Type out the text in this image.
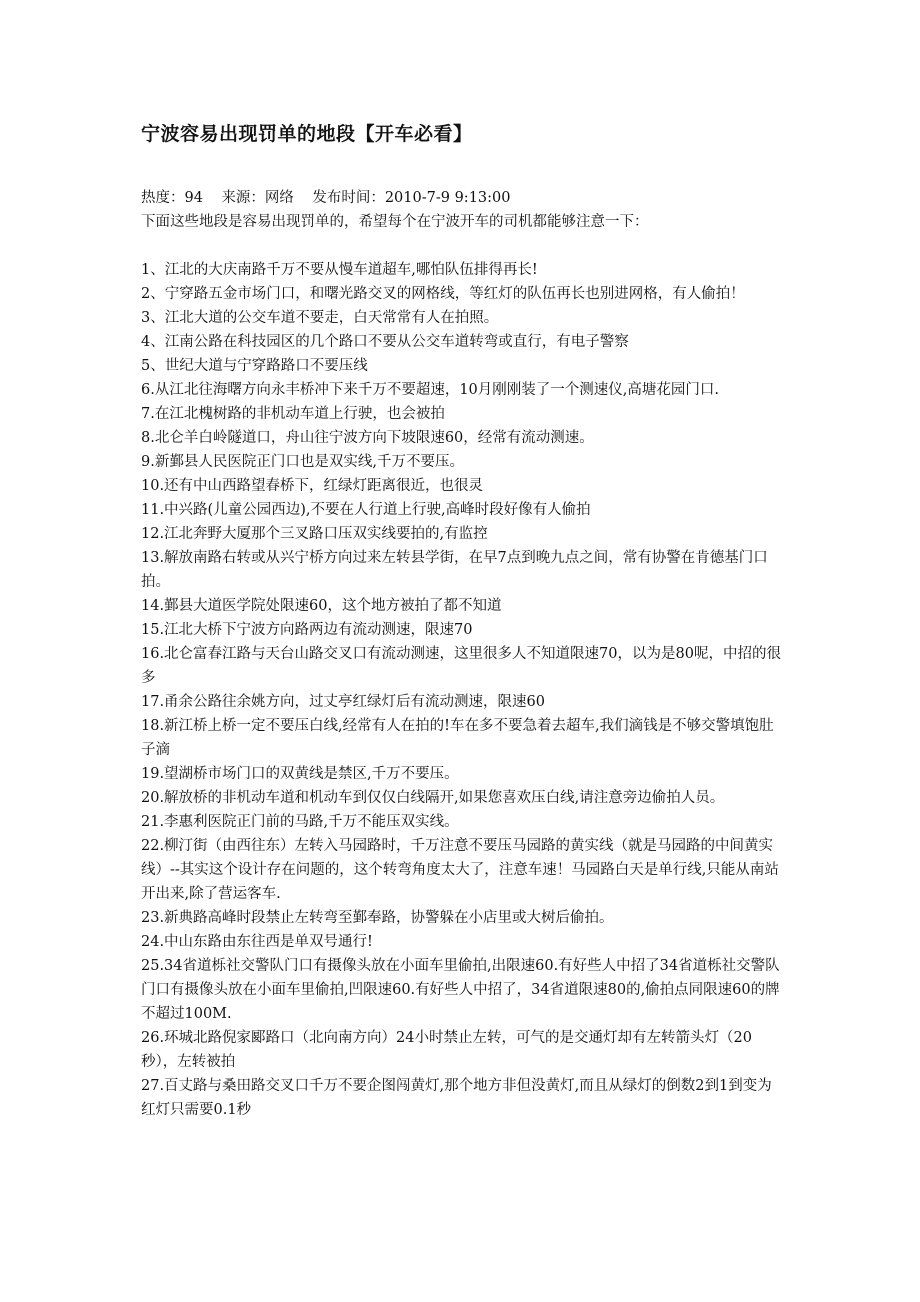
宁波容易出现罚单的地段【开车必看】
热度：94    来源：网络    发布时间：2010-7-9 9:13:00
下面这些地段是容易出现罚单的，希望每个在宁波开车的司机都能够注意一下：
1、江北的大庆南路千万不要从慢车道超车,哪怕队伍排得再长!
2、宁穿路五金市场门口，和曙光路交叉的网格线，等红灯的队伍再长也别进网格，有人偷拍！
3、江北大道的公交车道不要走，白天常常有人在拍照。
4、江南公路在科技园区的几个路口不要从公交车道转弯或直行，有电子警察
5、世纪大道与宁穿路路口不要压线
6.从江北往海曙方向永丰桥冲下来千万不要超速，10月刚刚装了一个测速仪,高塘花园门口.
7.在江北槐树路的非机动车道上行驶，也会被拍
8.北仑羊白岭隧道口，舟山往宁波方向下坡限速60，经常有流动测速。
9.新鄞县人民医院正门口也是双实线,千万不要压。
10.还有中山西路望春桥下，红绿灯距离很近，也很灵
11.中兴路(儿童公园西边),不要在人行道上行驶,高峰时段好像有人偷拍
12.江北奔野大厦那个三叉路口压双实线要拍的,有监控
13.解放南路右转或从兴宁桥方向过来左转县学街，在早7点到晚九点之间，常有协警在肯德基门口拍。
14.鄞县大道医学院处限速60，这个地方被拍了都不知道
15.江北大桥下宁波方向路两边有流动测速，限速70
16.北仑富春江路与天台山路交叉口有流动测速，这里很多人不知道限速70，以为是80呢，中招的很多
17.甬余公路往余姚方向，过丈亭红绿灯后有流动测速，限速60
18.新江桥上桥一定不要压白线,经常有人在拍的!车在多不要急着去超车,我们滴钱是不够交警填饱肚子滴
19.望湖桥市场门口的双黄线是禁区,千万不要压。
20.解放桥的非机动车道和机动车到仅仅白线隔开,如果您喜欢压白线,请注意旁边偷拍人员。
21.李惠利医院正门前的马路,千万不能压双实线。
22.柳汀街（由西往东）左转入马园路时，千万注意不要压马园路的黄实线（就是马园路的中间黄实线）--其实这个设计存在问题的，这个转弯角度太大了，注意车速！马园路白天是单行线,只能从南站开出来,除了营运客车.
23.新典路高峰时段禁止左转弯至鄞奉路，协警躲在小店里或大树后偷拍。
24.中山东路由东往西是单双号通行!
25.34省道栎社交警队门口有摄像头放在小面车里偷拍,出限速60.有好些人中招了34省道栎社交警队门口有摄像头放在小面车里偷拍,凹限速60.有好些人中招了，34省道限速80的,偷拍点同限速60的牌不超过100M.
26.环城北路倪家郾路口（北向南方向）24小时禁止左转，可气的是交通灯却有左转箭头灯（20秒），左转被拍
27.百丈路与桑田路交叉口千万不要企图闯黄灯,那个地方非但没黄灯,而且从绿灯的倒数2到1到变为红灯只需要0.1秒
